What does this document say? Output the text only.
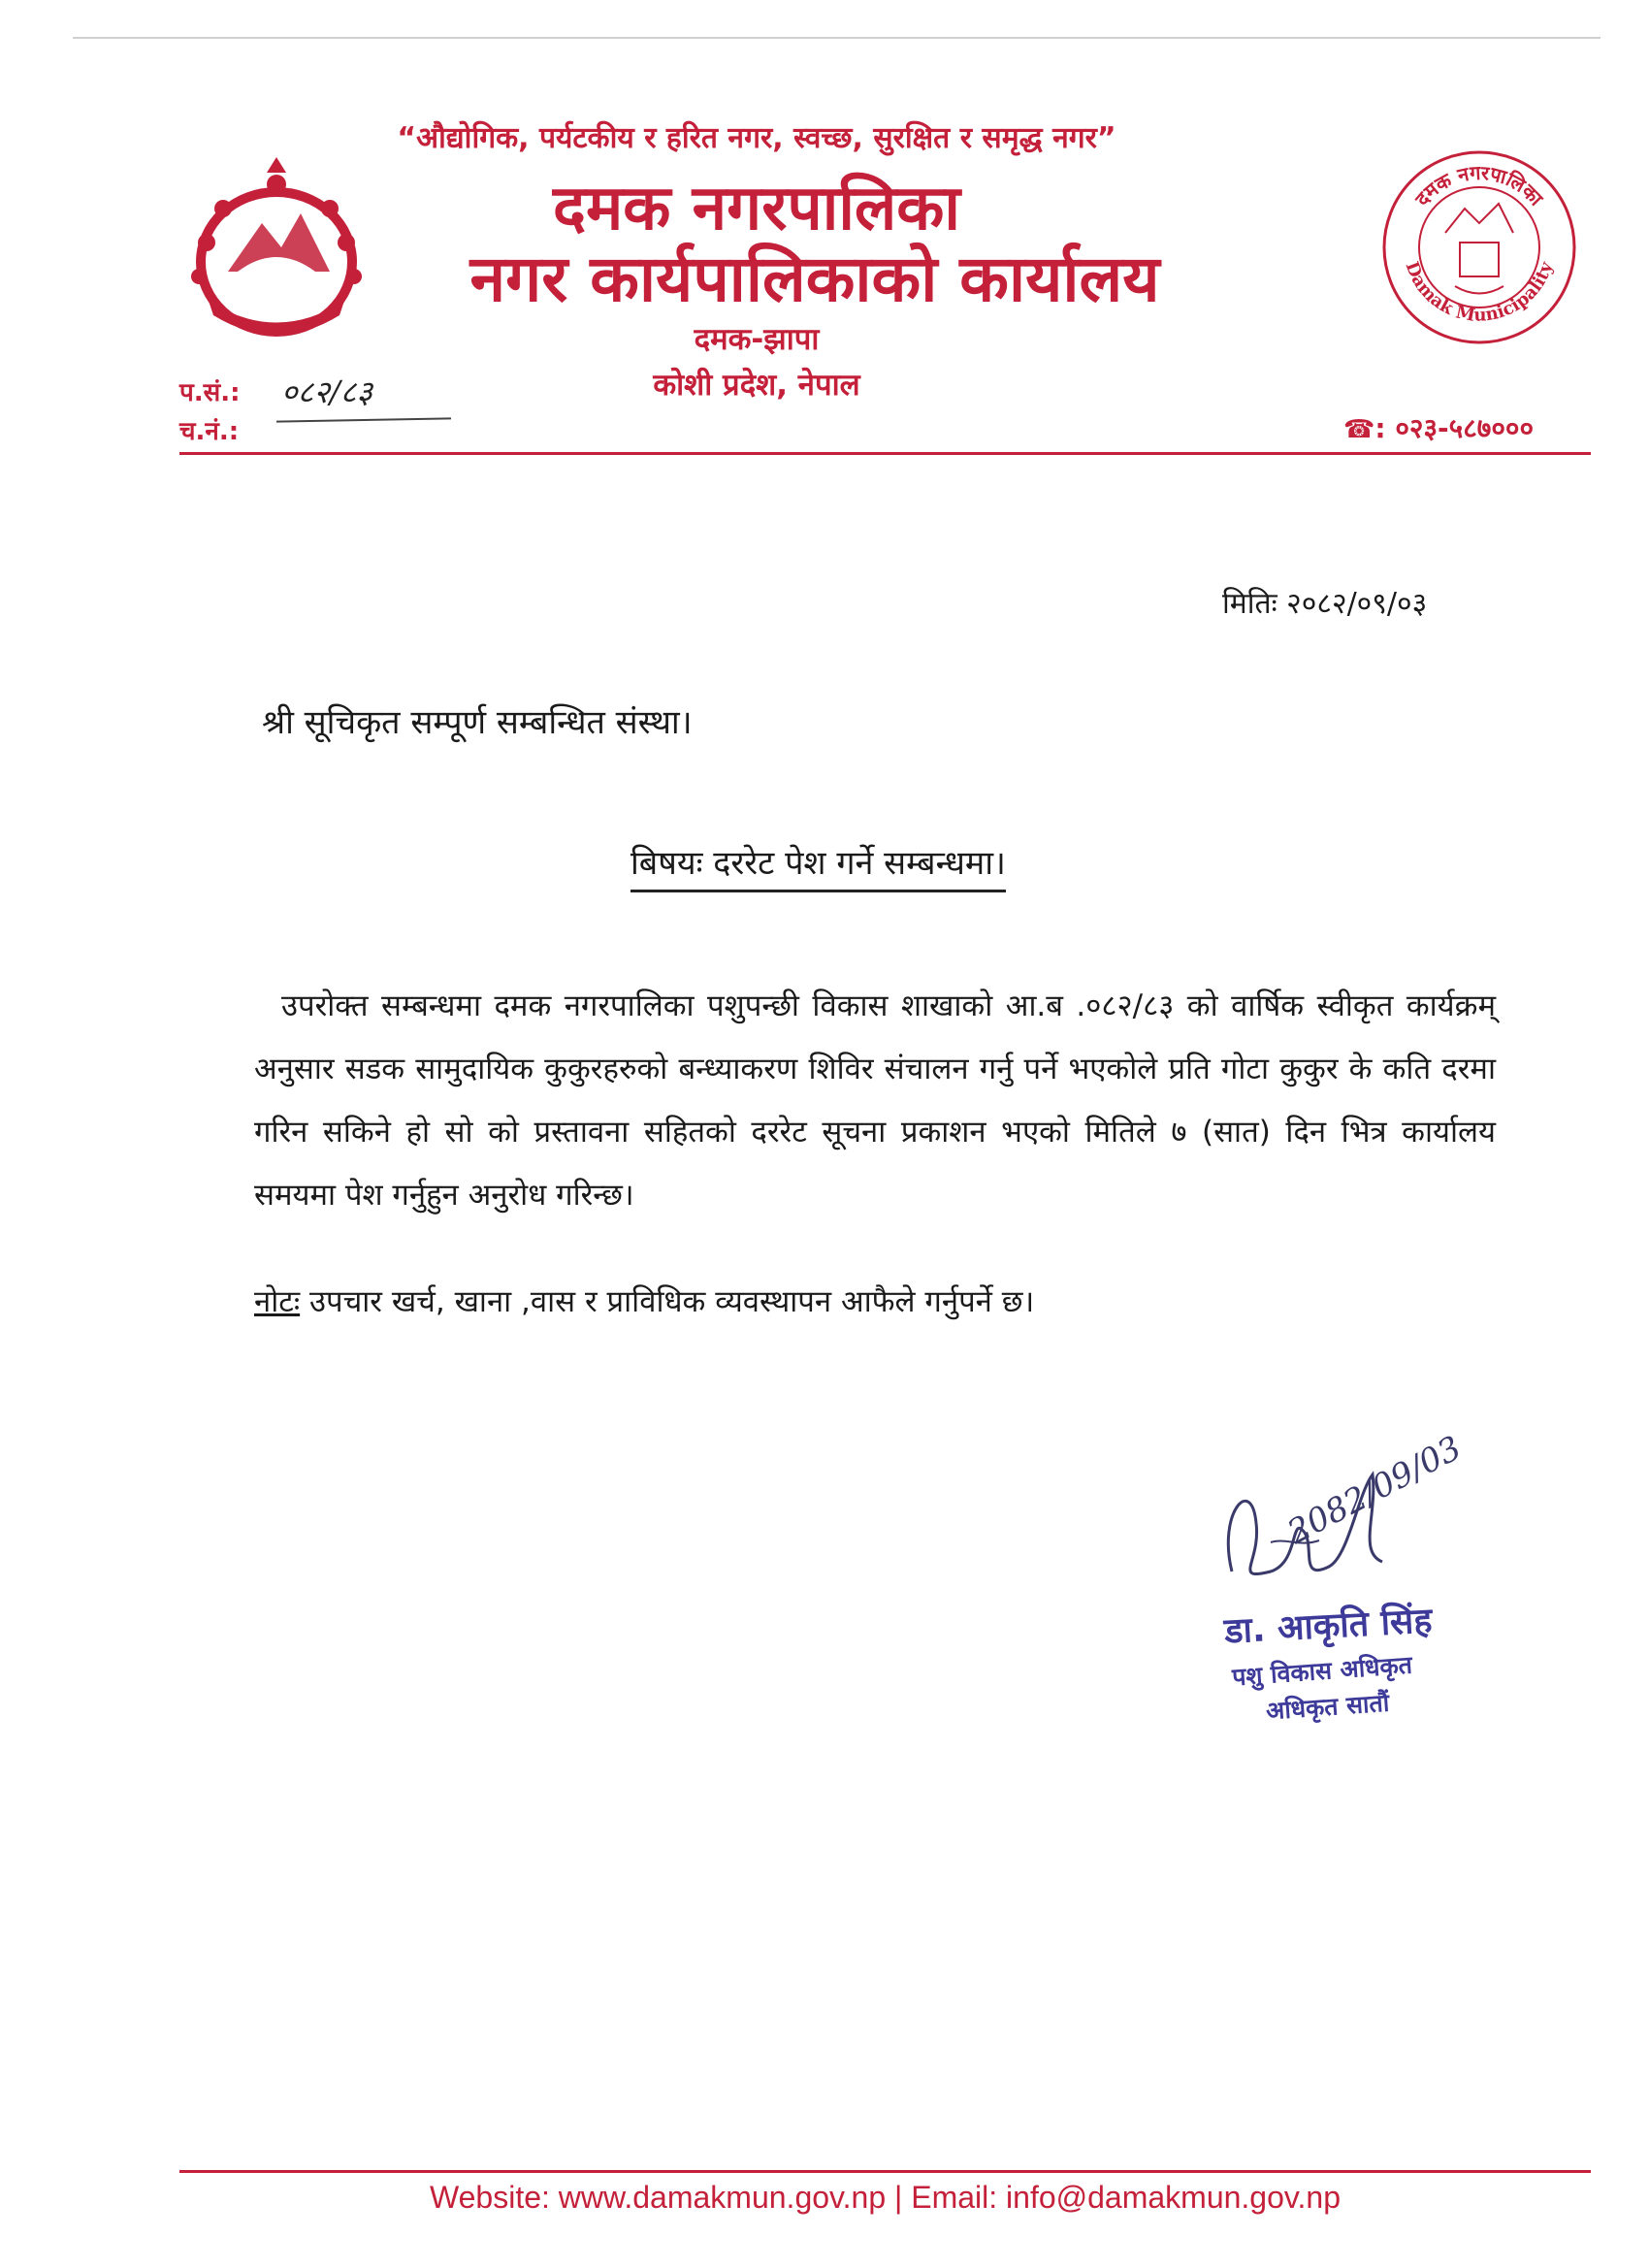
“औद्योगिक, पर्यटकीय र हरित नगर, स्वच्छ, सुरक्षित र समृद्ध नगर”
दमक नगरपालिका
नगर कार्यपालिकाको कार्यालय
दमक-झापा
कोशी प्रदेश, नेपाल
दमक नगरपालिका
Damak Municipality
प.सं.: ०८२/८३
च.नं.:	☎: ०२३-५८७०००
मितिः २०८२/०९/०३
श्री सूचिकृत सम्पूर्ण सम्बन्धित संस्था।
बिषयः दररेट पेश गर्ने सम्बन्धमा।
उपरोक्त सम्बन्धमा दमक नगरपालिका पशुपन्छी विकास शाखाको आ.ब .०८२/८३ को वार्षिक स्वीकृत कार्यक्रम् अनुसार सडक सामुदायिक कुकुरहरुको बन्ध्याकरण शिविर संचालन गर्नु पर्ने भएकोले प्रति गोटा कुकुर के कति दरमा गरिन सकिने हो सो को प्रस्तावना सहितको दररेट सूचना प्रकाशन भएको मितिले ७ (सात) दिन भित्र कार्यालय समयमा पेश गर्नुहुन अनुरोध गरिन्छ।
नोटः उपचार खर्च, खाना ,वास र प्राविधिक व्यवस्थापन आफैले गर्नुपर्ने छ।
2082/09/03
डा. आकृति सिंह
पशु विकास अधिकृत
अधिकृत सातौं
Website: www.damakmun.gov.np | Email: info@damakmun.gov.np
